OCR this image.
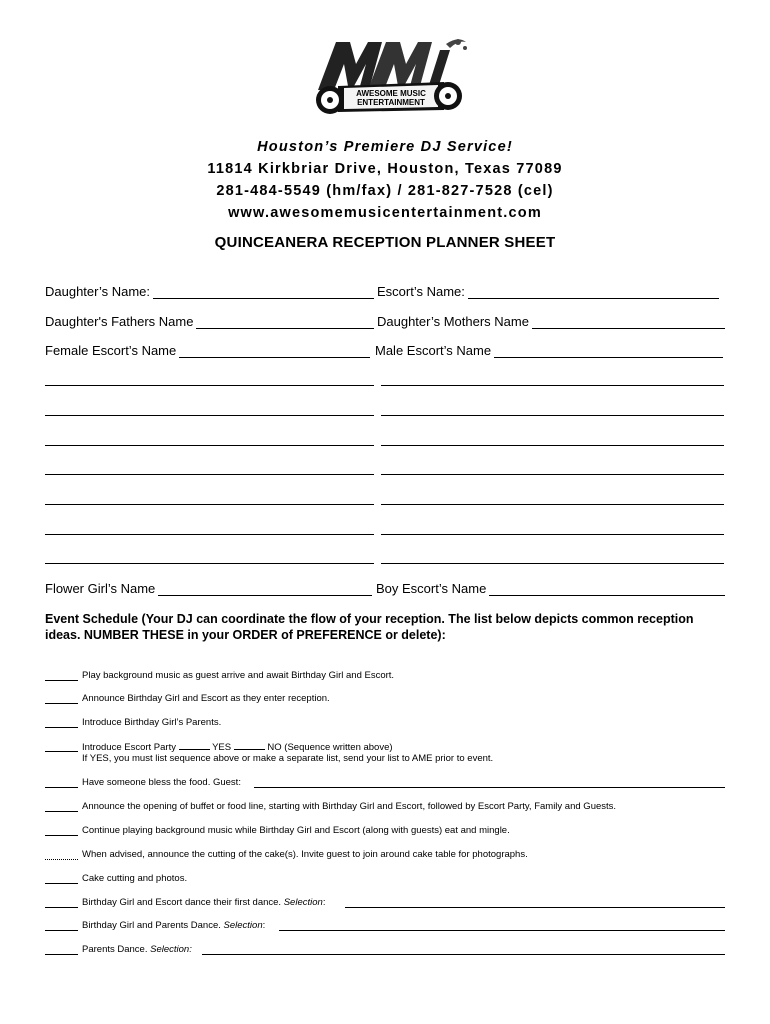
AWESOME MUSIC
ENTERTAINMENT
Houston’s Premiere DJ Service!
11814 Kirkbriar Drive, Houston, Texas 77089
281-484-5549 (hm/fax) / 281-827-7528 (cel)
www.awesomemusicentertainment.com
QUINCEANERA RECEPTION PLANNER SHEET
Daughter’s Name:	Escort’s Name:
Daughter's Fathers Name	Daughter’s Mothers Name
Female Escort’s Name	Male Escort’s Name
Flower Girl’s Name	Boy Escort’s Name
Event Schedule (Your DJ can coordinate the flow of your reception. The list below depicts common reception
ideas. NUMBER THESE in your ORDER of PREFERENCE or delete):
Play background music as guest arrive and await Birthday Girl and Escort.
Announce Birthday Girl and Escort as they enter reception.
Introduce Birthday Girl’s Parents.
Introduce Escort Party	YES	NO (Sequence written above)
If YES, you must list sequence above or make a separate list, send your list to AME prior to event.
Have someone bless the food. Guest:
Announce the opening of buffet or food line, starting with Birthday Girl and Escort, followed by Escort Party, Family and Guests.
Continue playing background music while Birthday Girl and Escort (along with guests) eat and mingle.
When advised, announce the cutting of the cake(s). Invite guest to join around cake table for photographs.
Cake cutting and photos.
Birthday Girl and Escort dance their first dance. Selection:
Birthday Girl and Parents Dance. Selection:
Parents Dance. Selection:
